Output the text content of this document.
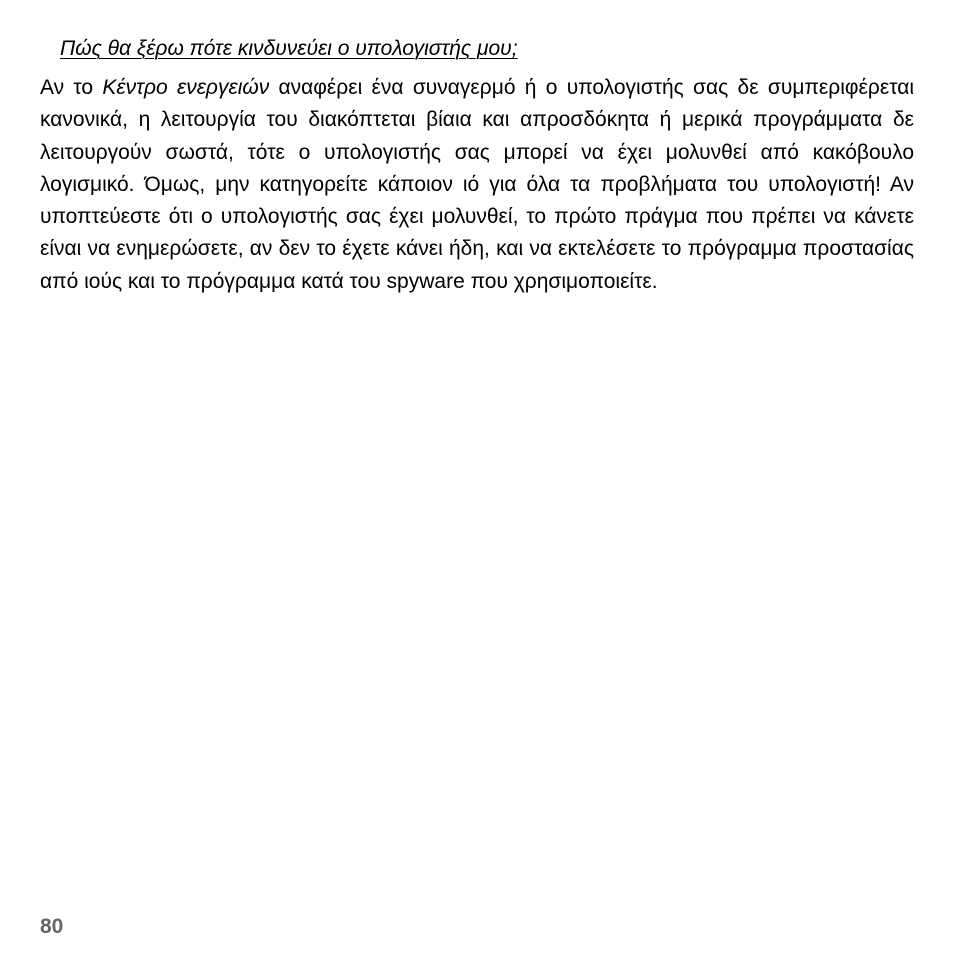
Πώς θα ξέρω πότε κινδυνεύει ο υπολογιστής μου;

Αν το Κέντρο ενεργειών αναφέρει ένα συναγερμό ή ο υπολογιστής σας δε συμπεριφέρεται κανονικά, η λειτουργία του διακόπτεται βίαια και απροσδόκητα ή μερικά προγράμματα δε λειτουργούν σωστά, τότε ο υπολογιστής σας μπορεί να έχει μολυνθεί από κακόβουλο λογισμικό. Όμως, μην κατηγορείτε κάποιον ιό για όλα τα προβλήματα του υπολογιστή! Αν υποπτεύεστε ότι ο υπολογιστής σας έχει μολυνθεί, το πρώτο πράγμα που πρέπει να κάνετε είναι να ενημερώσετε, αν δεν το έχετε κάνει ήδη, και να εκτελέσετε το πρόγραμμα προστασίας από ιούς και το πρόγραμμα κατά του spyware που χρησιμοποιείτε.

80
